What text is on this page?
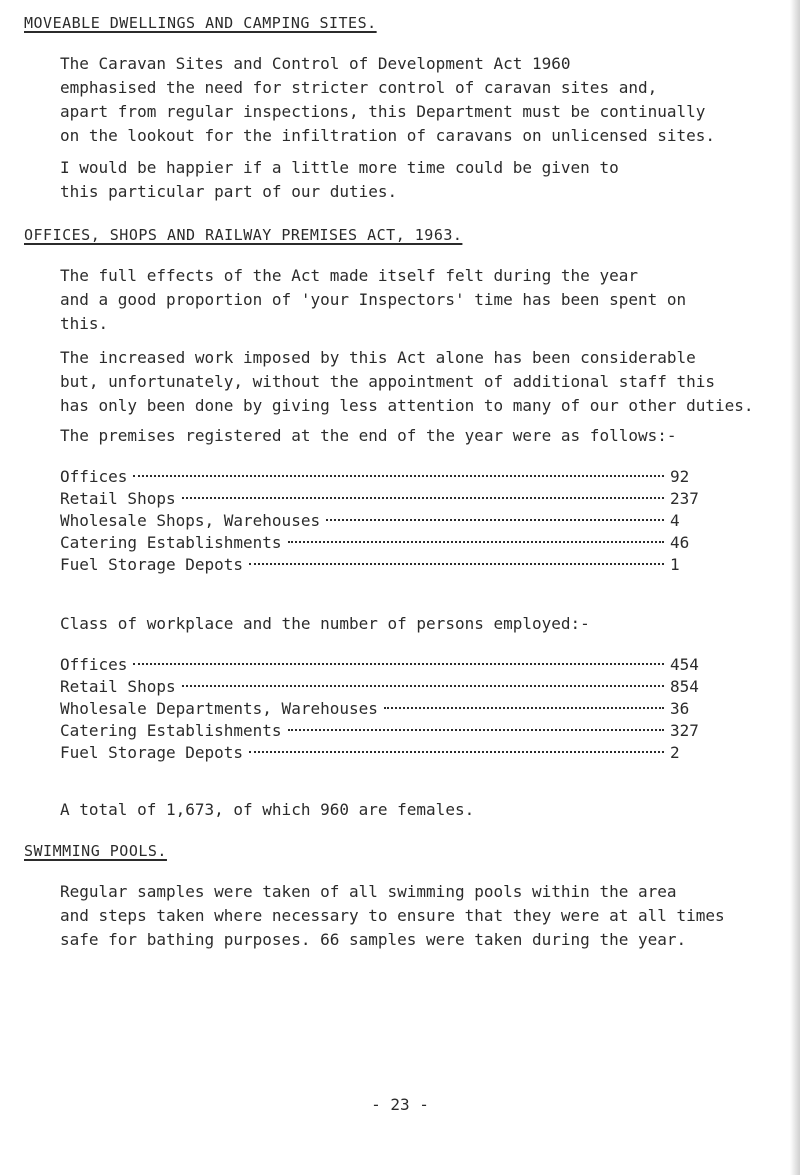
MOVEABLE DWELLINGS AND CAMPING SITES.

The Caravan Sites and Control of Development Act 1960
emphasised the need for stricter control of caravan sites and,
apart from regular inspections, this Department must be continually
on the lookout for the infiltration of caravans on unlicensed sites.

I would be happier if a little more time could be given to
this particular part of our duties.

OFFICES, SHOPS AND RAILWAY PREMISES ACT, 1963.

The full effects of the Act made itself felt during the year
and a good proportion of 'your Inspectors' time has been spent on
this.

The increased work imposed by this Act alone has been considerable
but, unfortunately, without the appointment of additional staff this
has only been done by giving less attention to many of our other duties.

The premises registered at the end of the year were as follows:-

Offices	92
Retail Shops	237
Wholesale Shops, Warehouses	4
Catering Establishments	46
Fuel Storage Depots	1

Class of workplace and the number of persons employed:-

Offices	454
Retail Shops	854
Wholesale Departments, Warehouses	36
Catering Establishments	327
Fuel Storage Depots	2

A total of 1,673, of which 960 are females.

SWIMMING POOLS.

Regular samples were taken of all swimming pools within the area
and steps taken where necessary to ensure that they were at all times
safe for bathing purposes. 66 samples were taken during the year.

- 23 -
